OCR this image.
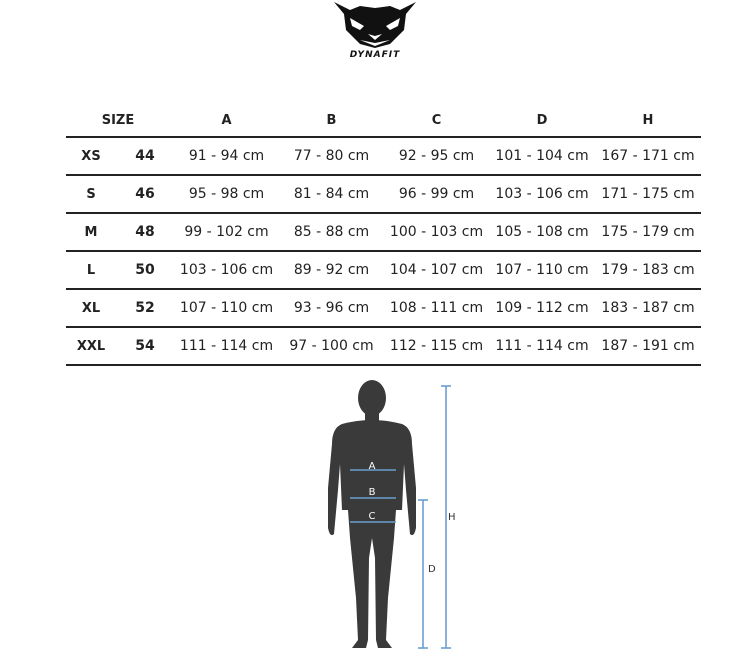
DYNAFIT
SIZE	A	B	C	D	H
XS	44	91 - 94 cm	77 - 80 cm	92 - 95 cm	101 - 104 cm 167 - 171 cm
S	46	95 - 98 cm	81 - 84 cm	96 - 99 cm	103 - 106 cm 171 - 175 cm
M	48	99 - 102 cm	85 - 88 cm	100 - 103 cm 105 - 108 cm 175 - 179 cm
L	50	103 - 106 cm	89 - 92 cm	104 - 107 cm 107 - 110 cm 179 - 183 cm
XL	52	107 - 110 cm	93 - 96 cm	108 - 111 cm 109 - 112 cm 183 - 187 cm
XXL	54	111 - 114 cm	97 - 100 cm	112 - 115 cm 111 - 114 cm 187 - 191 cm
A
B
C
D
H
